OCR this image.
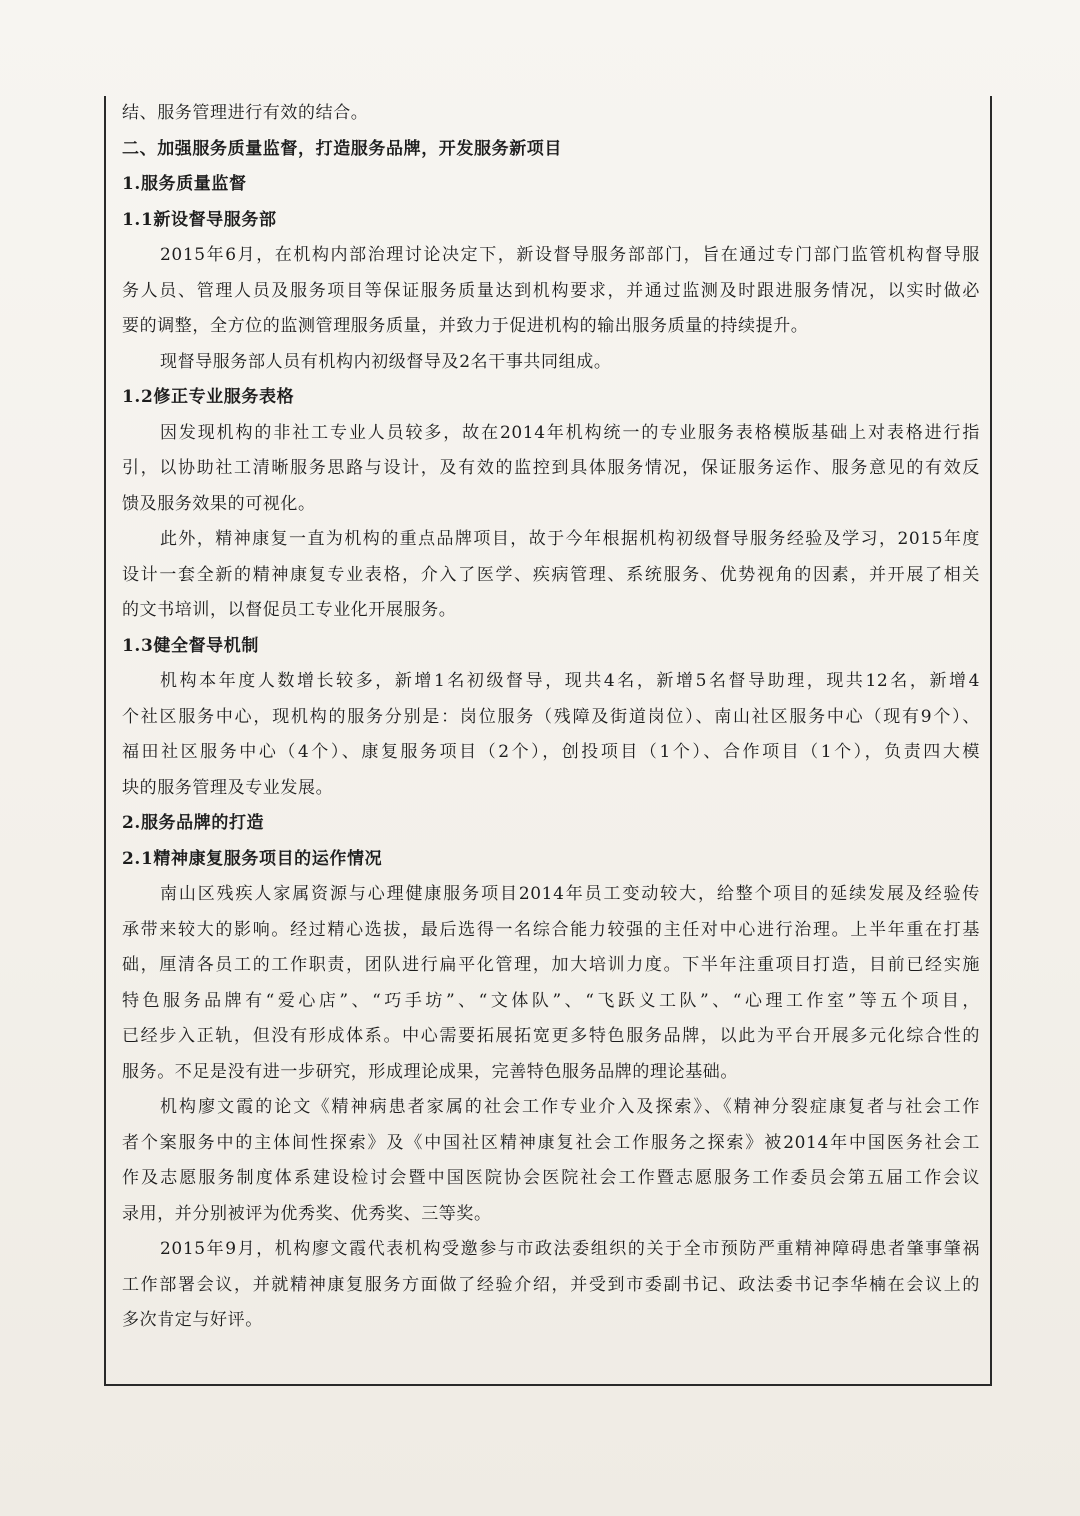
结、服务管理进行有效的结合。
二、加强服务质量监督，打造服务品牌，开发服务新项目
1.服务质量监督
1.1新设督导服务部
2015年6月，在机构内部治理讨论决定下，新设督导服务部部门，旨在通过专门部门监管机构督导服
务人员、管理人员及服务项目等保证服务质量达到机构要求，并通过监测及时跟进服务情况，以实时做必
要的调整，全方位的监测管理服务质量，并致力于促进机构的输出服务质量的持续提升。
现督导服务部人员有机构内初级督导及2名干事共同组成。
1.2修正专业服务表格
因发现机构的非社工专业人员较多，故在2014年机构统一的专业服务表格模版基础上对表格进行指
引，以协助社工清晰服务思路与设计，及有效的监控到具体服务情况，保证服务运作、服务意见的有效反
馈及服务效果的可视化。
此外，精神康复一直为机构的重点品牌项目，故于今年根据机构初级督导服务经验及学习，2015年度
设计一套全新的精神康复专业表格，介入了医学、疾病管理、系统服务、优势视角的因素，并开展了相关
的文书培训，以督促员工专业化开展服务。
1.3健全督导机制
机构本年度人数增长较多，新增1名初级督导，现共4名，新增5名督导助理，现共12名，新增4
个社区服务中心，现机构的服务分别是：岗位服务（残障及街道岗位）、南山社区服务中心（现有9个）、
福田社区服务中心（4个）、康复服务项目（2个），创投项目（1个）、合作项目（1个），负责四大模
块的服务管理及专业发展。
2.服务品牌的打造
2.1精神康复服务项目的运作情况
南山区残疾人家属资源与心理健康服务项目2014年员工变动较大，给整个项目的延续发展及经验传
承带来较大的影响。经过精心选拔，最后选得一名综合能力较强的主任对中心进行治理。上半年重在打基
础，厘清各员工的工作职责，团队进行扁平化管理，加大培训力度。下半年注重项目打造，目前已经实施
特色服务品牌有“爱心店”、“巧手坊”、“文体队”、“飞跃义工队”、“心理工作室”等五个项目，
已经步入正轨，但没有形成体系。中心需要拓展拓宽更多特色服务品牌，以此为平台开展多元化综合性的
服务。不足是没有进一步研究，形成理论成果，完善特色服务品牌的理论基础。
机构廖文霞的论文《精神病患者家属的社会工作专业介入及探索》、《精神分裂症康复者与社会工作
者个案服务中的主体间性探索》及《中国社区精神康复社会工作服务之探索》被2014年中国医务社会工
作及志愿服务制度体系建设检讨会暨中国医院协会医院社会工作暨志愿服务工作委员会第五届工作会议
录用，并分别被评为优秀奖、优秀奖、三等奖。
2015年9月，机构廖文霞代表机构受邀参与市政法委组织的关于全市预防严重精神障碍患者肇事肇祸
工作部署会议，并就精神康复服务方面做了经验介绍，并受到市委副书记、政法委书记李华楠在会议上的
多次肯定与好评。
